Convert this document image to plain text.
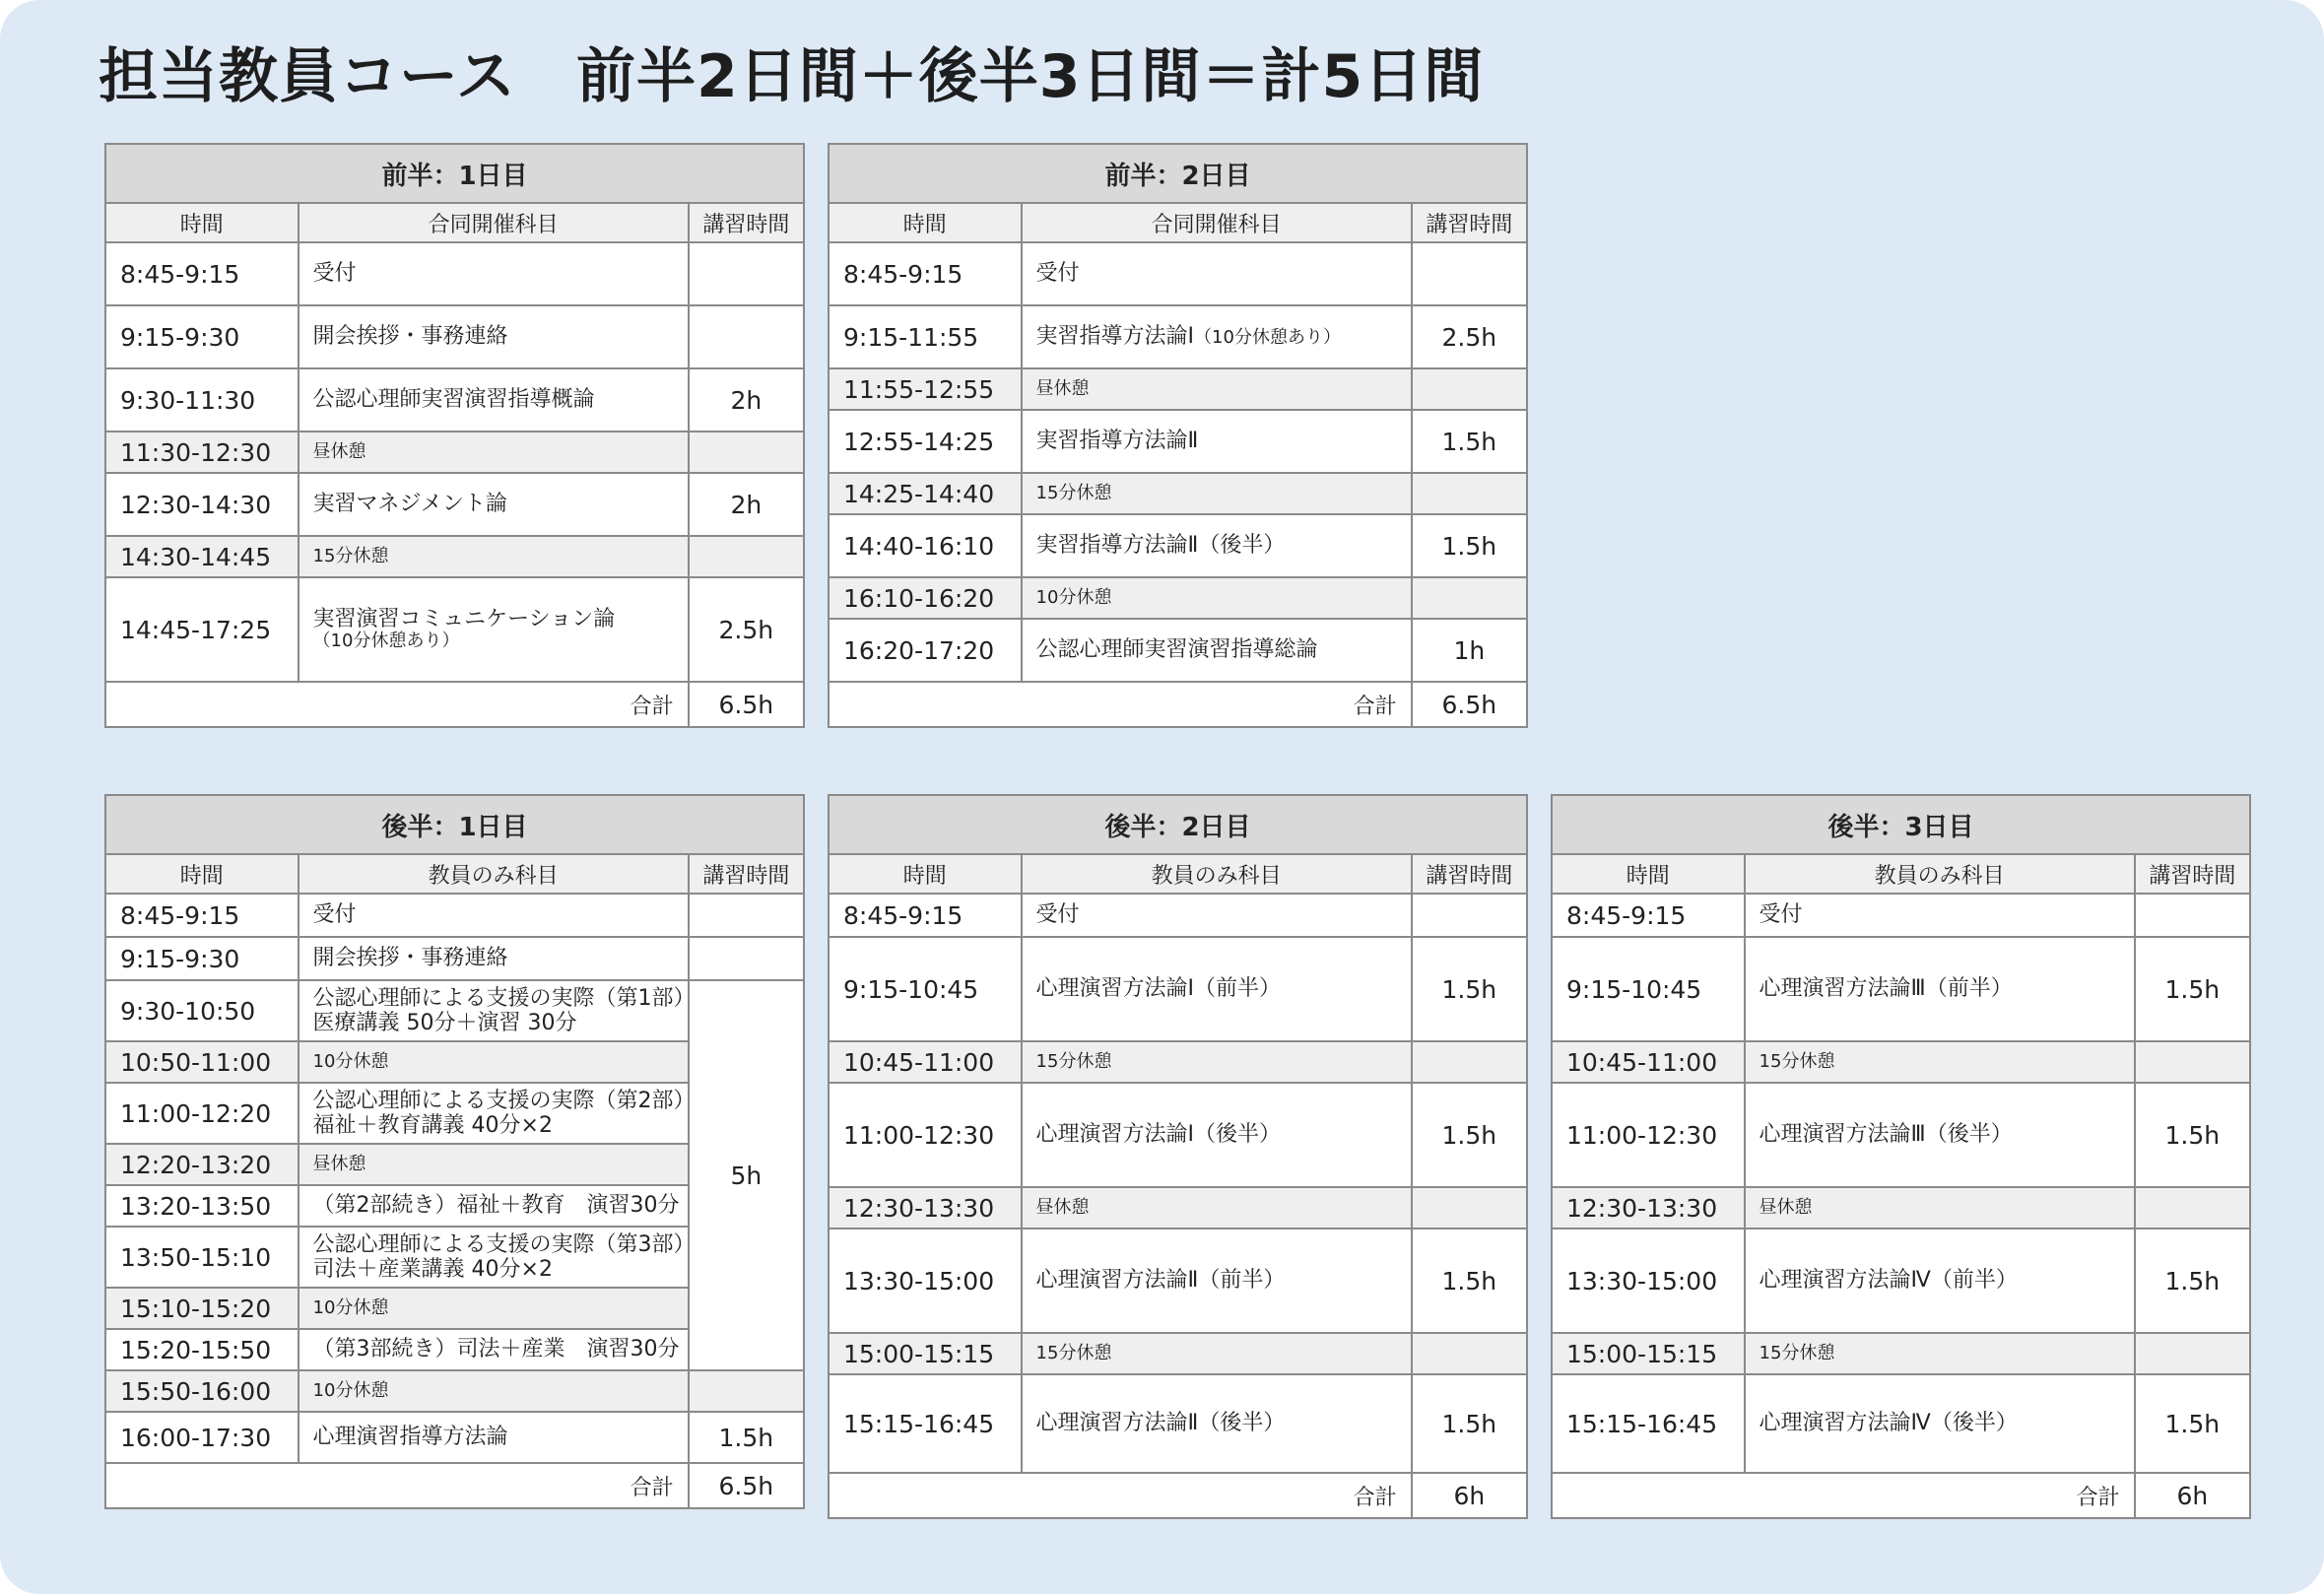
担当教員コース　前半2日間＋後半3日間＝計5日間
前半：1日目		
時間	合同開催科目	講習時間
8:45-9:15	受付	
9:15-9:30	開会挨拶・事務連絡	
9:30-11:30	公認心理師実習演習指導概論	2h
11:30-12:30	昼休憩	
12:30-14:30	実習マネジメント論	2h
14:30-14:45	15分休憩	
14:45-17:25	実習演習コミュニケーション論
（10分休憩あり）	2.5h
合計		6.5h
前半：2日目		
時間	合同開催科目	講習時間
8:45-9:15	受付	
9:15-11:55	実習指導方法論Ⅰ（10分休憩あり）	2.5h
11:55-12:55	昼休憩	
12:55-14:25	実習指導方法論Ⅱ	1.5h
14:25-14:40	15分休憩	
14:40-16:10	実習指導方法論Ⅱ（後半）	1.5h
16:10-16:20	10分休憩	
16:20-17:20	公認心理師実習演習指導総論	1h
合計		6.5h
後半：1日目		
時間	教員のみ科目	講習時間
8:45-9:15	受付	
9:15-9:30	開会挨拶・事務連絡	
9:30-10:50	公認心理師による支援の実際（第1部）
医療講義 50分＋演習 30分	5h
10:50-11:00	10分休憩	
11:00-12:20	公認心理師による支援の実際（第2部）
福祉＋教育講義 40分×2	

12:20-13:20	昼休憩	
13:20-13:50	（第2部続き）福祉＋教育　演習30分	
13:50-15:10	公認心理師による支援の実際（第3部）
司法＋産業講義 40分×2	

15:10-15:20	10分休憩	
15:20-15:50	（第3部続き）司法＋産業　演習30分	
15:50-16:00	10分休憩	
16:00-17:30	心理演習指導方法論	1.5h
合計		6.5h
後半：2日目		
時間	教員のみ科目	講習時間
8:45-9:15	受付	
9:15-10:45	心理演習方法論Ⅰ（前半）	1.5h
10:45-11:00	15分休憩	
11:00-12:30	心理演習方法論Ⅰ（後半）	1.5h
12:30-13:30	昼休憩	
13:30-15:00	心理演習方法論Ⅱ（前半）	1.5h
15:00-15:15	15分休憩	
15:15-16:45	心理演習方法論Ⅱ（後半）	1.5h
合計		6h
後半：3日目		
時間	教員のみ科目	講習時間
8:45-9:15	受付	
9:15-10:45	心理演習方法論Ⅲ（前半）	1.5h
10:45-11:00	15分休憩	
11:00-12:30	心理演習方法論Ⅲ（後半）	1.5h
12:30-13:30	昼休憩	
13:30-15:00	心理演習方法論Ⅳ（前半）	1.5h
15:00-15:15	15分休憩	
15:15-16:45	心理演習方法論Ⅳ（後半）	1.5h
合計		6h
